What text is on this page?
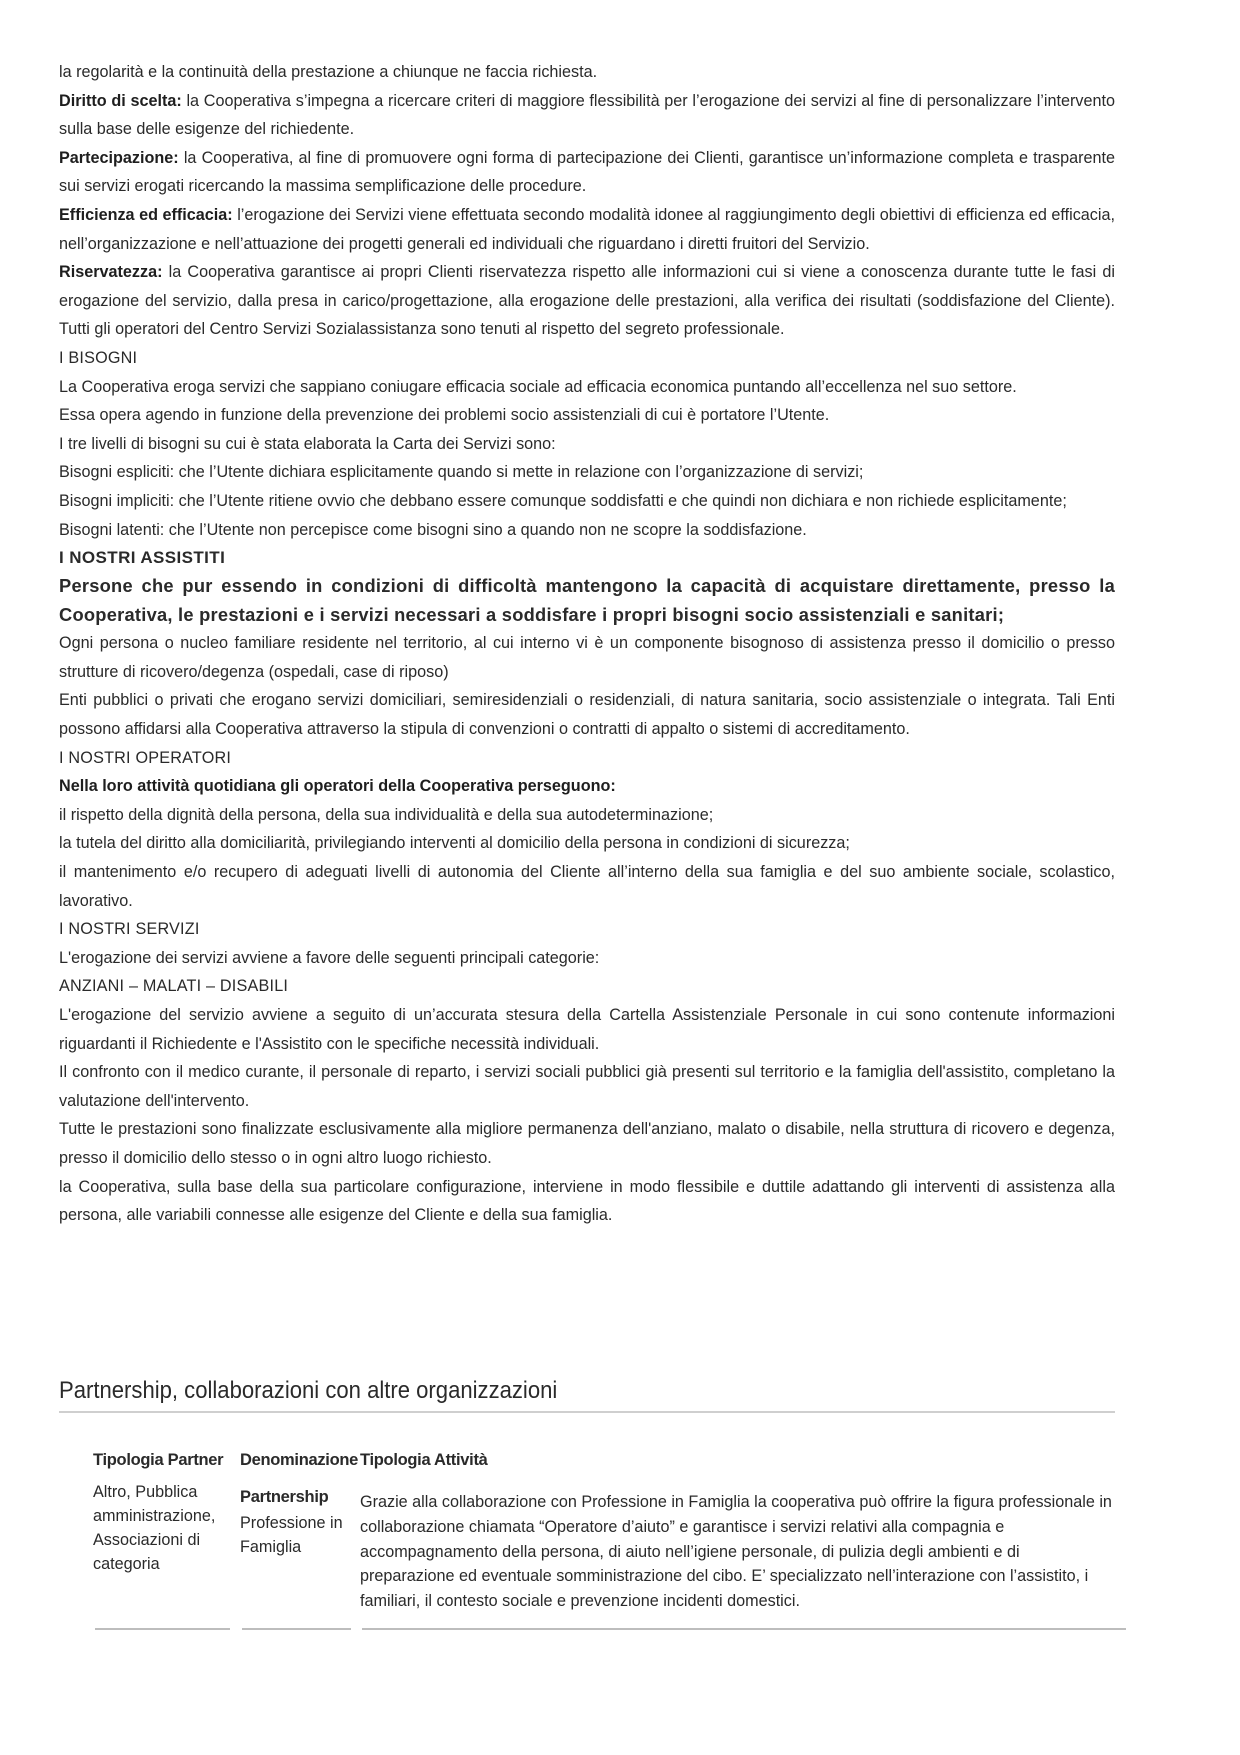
la regolarità e la continuità della prestazione a chiunque ne faccia richiesta.

Diritto di scelta: la Cooperativa s’impegna a ricercare criteri di maggiore flessibilità per l’erogazione dei servizi al fine di personalizzare l’intervento sulla base delle esigenze del richiedente.

Partecipazione: la Cooperativa, al fine di promuovere ogni forma di partecipazione dei Clienti, garantisce un’informazione completa e trasparente sui servizi erogati ricercando la massima semplificazione delle procedure.

Efficienza ed efficacia: l’erogazione dei Servizi viene effettuata secondo modalità idonee al raggiungimento degli obiettivi di efficienza ed efficacia, nell’organizzazione e nell’attuazione dei progetti generali ed individuali che riguardano i diretti fruitori del Servizio.

Riservatezza: la Cooperativa garantisce ai propri Clienti riservatezza rispetto alle informazioni cui si viene a conoscenza durante tutte le fasi di erogazione del servizio, dalla presa in carico/progettazione, alla erogazione delle prestazioni, alla verifica dei risultati (soddisfazione del Cliente). Tutti gli operatori del Centro Servizi Sozialassistanza sono tenuti al rispetto del segreto professionale.

I BISOGNI

La Cooperativa eroga servizi che sappiano coniugare efficacia sociale ad efficacia economica puntando all’eccellenza nel suo settore.

Essa opera agendo in funzione della prevenzione dei problemi socio assistenziali di cui è portatore l’Utente.

I tre livelli di bisogni su cui è stata elaborata la Carta dei Servizi sono:

Bisogni espliciti: che l’Utente dichiara esplicitamente quando si mette in relazione con l’organizzazione di servizi;

Bisogni impliciti: che l’Utente ritiene ovvio che debbano essere comunque soddisfatti e che quindi non dichiara e non richiede esplicitamente;

Bisogni latenti: che l’Utente non percepisce come bisogni sino a quando non ne scopre la soddisfazione.

I NOSTRI ASSISTITI

Persone che pur essendo in condizioni di difficoltà mantengono la capacità di acquistare direttamente, presso la Cooperativa, le prestazioni e i servizi necessari a soddisfare i propri bisogni socio assistenziali e sanitari;

Ogni persona o nucleo familiare residente nel territorio, al cui interno vi è un componente bisognoso di assistenza presso il domicilio o presso strutture di ricovero/degenza (ospedali, case di riposo)

Enti pubblici o privati che erogano servizi domiciliari, semiresidenziali o residenziali, di natura sanitaria, socio assistenziale o integrata. Tali Enti possono affidarsi alla Cooperativa attraverso la stipula di convenzioni o contratti di appalto o sistemi di accreditamento.

I NOSTRI OPERATORI

Nella loro attività quotidiana gli operatori della Cooperativa perseguono:

il rispetto della dignità della persona, della sua individualità e della sua autodeterminazione;

la tutela del diritto alla domiciliarità, privilegiando interventi al domicilio della persona in condizioni di sicurezza;

il mantenimento e/o recupero di adeguati livelli di autonomia del Cliente all’interno della sua famiglia e del suo ambiente sociale, scolastico, lavorativo.

I NOSTRI SERVIZI

L'erogazione dei servizi avviene a favore delle seguenti principali categorie:

ANZIANI – MALATI – DISABILI

L'erogazione del servizio avviene a seguito di un’accurata stesura della Cartella Assistenziale Personale in cui sono contenute informazioni riguardanti il Richiedente e l'Assistito con le specifiche necessità individuali.

Il confronto con il medico curante, il personale di reparto, i servizi sociali pubblici già presenti sul territorio e la famiglia dell'assistito, completano la valutazione dell'intervento.

Tutte le prestazioni sono finalizzate esclusivamente alla migliore permanenza dell'anziano, malato o disabile, nella struttura di ricovero e degenza, presso il domicilio dello stesso o in ogni altro luogo richiesto.

la Cooperativa, sulla base della sua particolare configurazione, interviene in modo flessibile e duttile adattando gli interventi di assistenza alla persona, alle variabili connesse alle esigenze del Cliente e della sua famiglia.

Partnership, collaborazioni con altre organizzazioni
Tipologia Partner Denominazione Tipologia Attività
Altro, Pubblica amministrazione, Associazioni di categoria
Partnership
Professione in Famiglia
Grazie alla collaborazione con Professione in Famiglia la cooperativa può offrire la figura professionale in collaborazione chiamata “Operatore d’aiuto” e garantisce i servizi relativi alla compagnia e accompagnamento della persona, di aiuto nell’igiene personale, di pulizia degli ambienti e di preparazione ed eventuale somministrazione del cibo. E’ specializzato nell’interazione con l’assistito, i familiari, il contesto sociale e prevenzione incidenti domestici.
